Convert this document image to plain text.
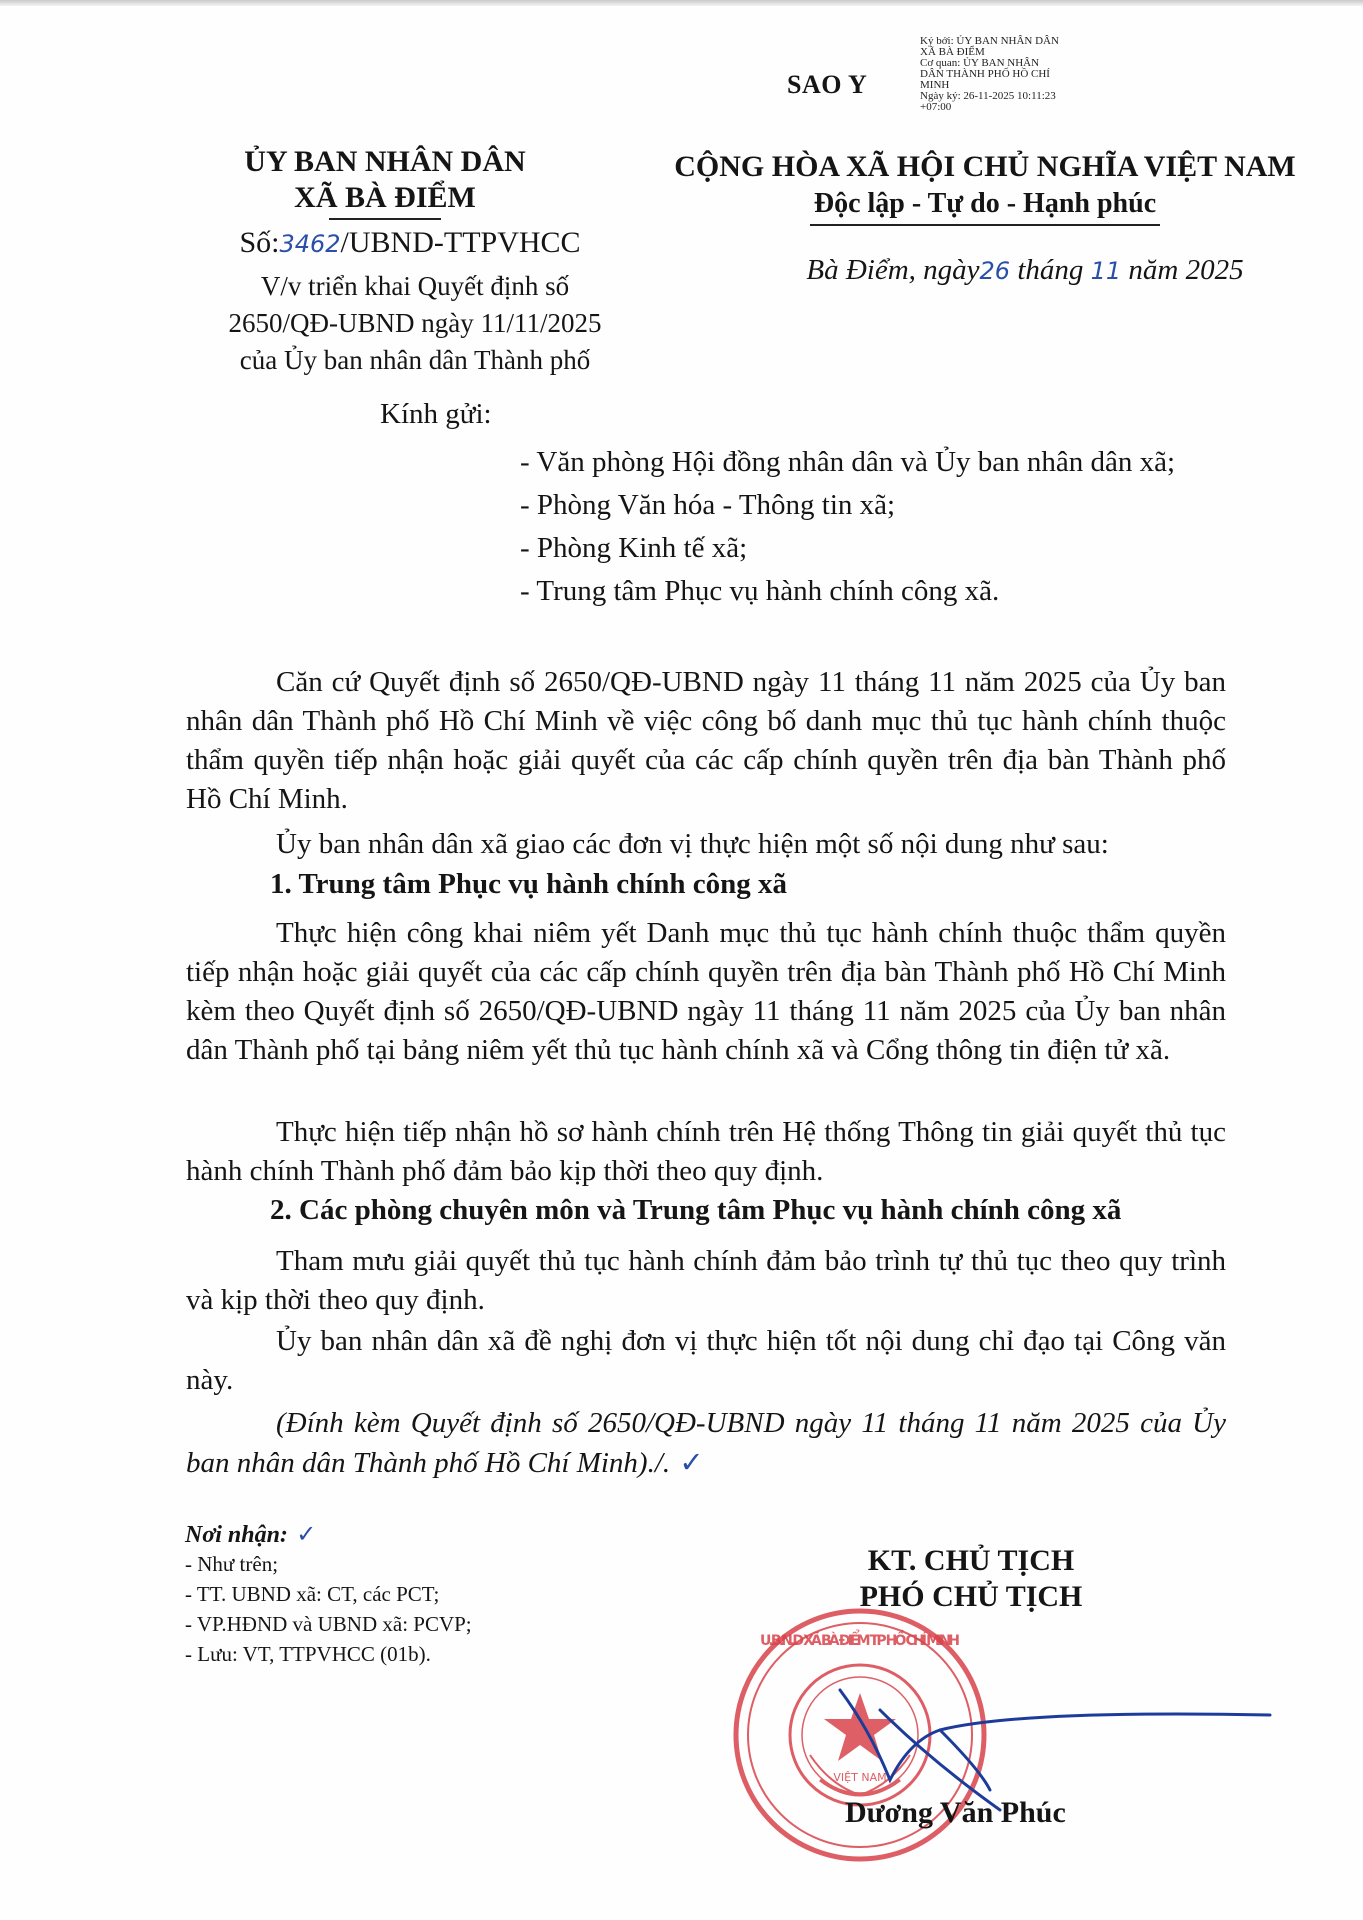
SAO Y
Ký bởi: ỦY BAN NHÂN DÂN
XÃ BÀ ĐIỂM
Cơ quan: ỦY BAN NHÂN
DÂN THÀNH PHỐ HỒ CHÍ
MINH
Ngày ký: 26-11-2025 10:11:23
+07:00
ỦY BAN NHÂN DÂN
XÃ BÀ ĐIỂM
Số:3462/UBND-TTPVHCC
V/v triển khai Quyết định số
2650/QĐ-UBND ngày 11/11/2025
của Ủy ban nhân dân Thành phố
CỘNG HÒA XÃ HỘI CHỦ NGHĨA VIỆT NAM
Độc lập - Tự do - Hạnh phúc
Bà Điểm, ngày26 tháng 11 năm 2025
Kính gửi:
- Văn phòng Hội đồng nhân dân và Ủy ban nhân dân xã;
- Phòng Văn hóa - Thông tin xã;
- Phòng Kinh tế xã;
- Trung tâm Phục vụ hành chính công xã.
Căn cứ Quyết định số 2650/QĐ-UBND ngày 11 tháng 11 năm 2025 của Ủy ban nhân dân Thành phố Hồ Chí Minh về việc công bố danh mục thủ tục hành chính thuộc thẩm quyền tiếp nhận hoặc giải quyết của các cấp chính quyền trên địa bàn Thành phố Hồ Chí Minh.
Ủy ban nhân dân xã giao các đơn vị thực hiện một số nội dung như sau:
1. Trung tâm Phục vụ hành chính công xã
Thực hiện công khai niêm yết Danh mục thủ tục hành chính thuộc thẩm quyền tiếp nhận hoặc giải quyết của các cấp chính quyền trên địa bàn Thành phố Hồ Chí Minh kèm theo Quyết định số 2650/QĐ-UBND ngày 11 tháng 11 năm 2025 của Ủy ban nhân dân Thành phố tại bảng niêm yết thủ tục hành chính xã và Cổng thông tin điện tử xã.
Thực hiện tiếp nhận hồ sơ hành chính trên Hệ thống Thông tin giải quyết thủ tục hành chính Thành phố đảm bảo kịp thời theo quy định.
2. Các phòng chuyên môn và Trung tâm Phục vụ hành chính công xã
Tham mưu giải quyết thủ tục hành chính đảm bảo trình tự thủ tục theo quy trình và kịp thời theo quy định.
Ủy ban nhân dân xã đề nghị đơn vị thực hiện tốt nội dung chỉ đạo tại Công văn này.
(Đính kèm Quyết định số 2650/QĐ-UBND ngày 11 tháng 11 năm 2025 của Ủy ban nhân dân Thành phố Hồ Chí Minh)./. ✓
Nơi nhận: ✓
- Như trên;
- TT. UBND xã: CT, các PCT;
- VP.HĐND và UBND xã: PCVP;
- Lưu: VT, TTPVHCC (01b).
KT. CHỦ TỊCH
PHÓ CHỦ TỊCH
VIỆT NAM
U.B.N.D XÃ BÀ ĐIỂM TP HỒ CHÍ MINH
Dương Văn Phúc
